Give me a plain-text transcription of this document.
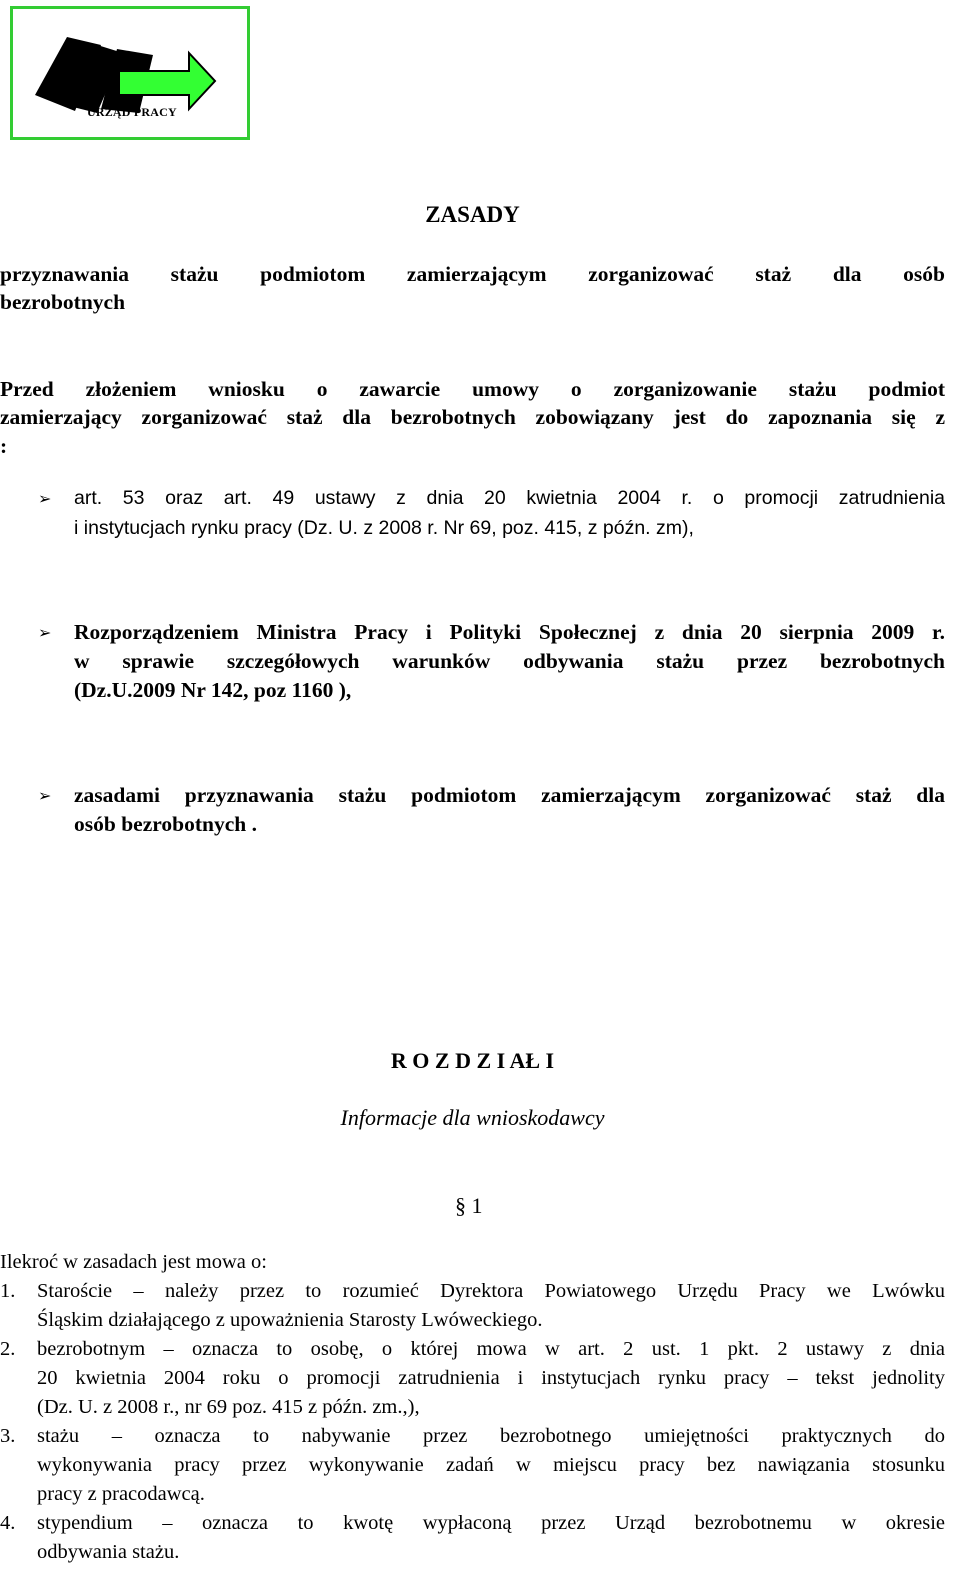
URZĄD PRACY
ZASADY
przyznawania stażu podmiotom zamierzającym zorganizować staż dla osób
bezrobotnych
Przed złożeniem wniosku o zawarcie umowy o zorganizowanie stażu podmiot
zamierzający zorganizować staż dla bezrobotnych zobowiązany jest do zapoznania się z
:
➢ art. 53 oraz art. 49 ustawy z dnia 20 kwietnia 2004 r. o promocji zatrudnienia
i instytucjach rynku pracy (Dz. U. z 2008 r. Nr 69, poz. 415, z późn. zm),
➢ Rozporządzeniem Ministra Pracy i Polityki Społecznej z dnia 20 sierpnia 2009 r.
w sprawie szczegółowych warunków odbywania stażu przez bezrobotnych
(Dz.U.2009 Nr 142, poz 1160 ),
➢ zasadami przyznawania stażu podmiotom zamierzającym zorganizować staż dla
osób bezrobotnych .
R O Z D Z I AŁ I
Informacje dla wnioskodawcy
§ 1
Ilekroć w zasadach jest mowa o:
1. Staroście – należy przez to rozumieć Dyrektora Powiatowego Urzędu Pracy we Lwówku
Śląskim działającego z upoważnienia Starosty Lwóweckiego.
2. bezrobotnym – oznacza to osobę, o której mowa w art. 2 ust. 1 pkt. 2 ustawy z dnia
20 kwietnia 2004 roku o promocji zatrudnienia i instytucjach rynku pracy – tekst jednolity
(Dz. U. z 2008 r., nr 69 poz. 415 z późn. zm.,),
3. stażu – oznacza to nabywanie przez bezrobotnego umiejętności praktycznych do
wykonywania pracy przez wykonywanie zadań w miejscu pracy bez nawiązania stosunku
pracy z pracodawcą.
4. stypendium – oznacza to kwotę wypłaconą przez Urząd bezrobotnemu w okresie
odbywania stażu.
